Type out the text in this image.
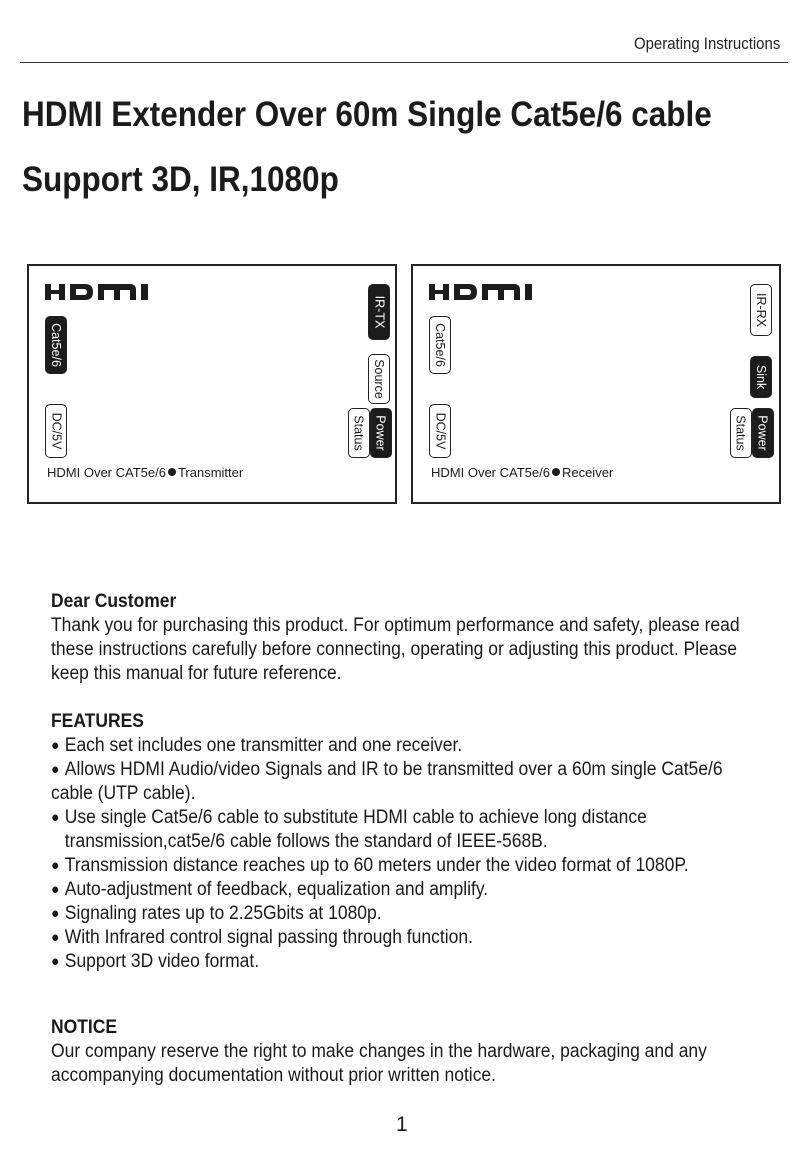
Operating Instructions
HDMI Extender Over 60m Single Cat5e/6 cable
Support 3D, IR,1080p
Cat5e/6
DC/5V
IR-TX
Source
Status Power
HDMI Over CAT5e/6 Transmitter
Cat5e/6
DC/5V
IR-RX
Sink
Status Power
HDMI Over CAT5e/6 Receiver
Dear Customer

Thank you for purchasing this product. For optimum performance and safety, please read

these instructions carefully before connecting, operating or adjusting this product. Please

keep this manual for future reference.

FEATURES
● Each set includes one transmitter and one receiver.
● Allows HDMI Audio/video Signals and IR to be transmitted over a 60m single Cat5e/6
cable (UTP cable).
● Use single Cat5e/6 cable to substitute HDMI cable to achieve long distance
transmission,cat5e/6 cable follows the standard of IEEE-568B.
● Transmission distance reaches up to 60 meters under the video format of 1080P.
● Auto-adjustment of feedback, equalization and amplify.
● Signaling rates up to 2.25Gbits at 1080p.
● With Infrared control signal passing through function.
● Support 3D video format.
NOTICE

Our company reserve the right to make changes in the hardware, packaging and any

accompanying documentation without prior written notice.

1
